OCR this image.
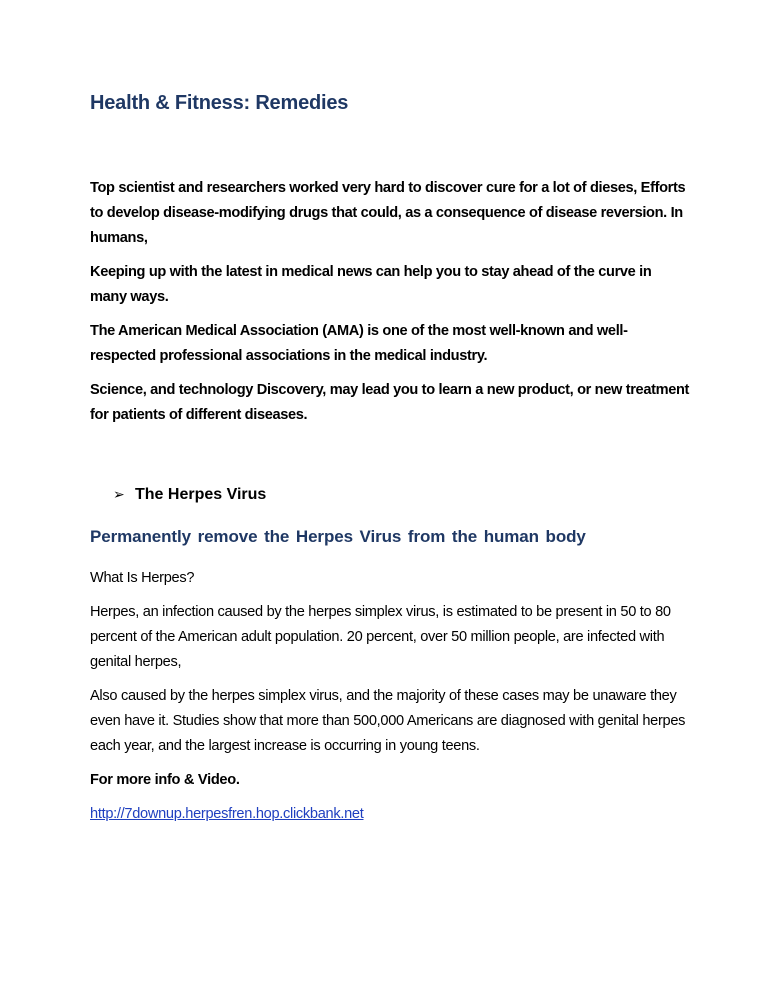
Health & Fitness: Remedies

Top scientist and researchers worked very hard to discover cure for a lot of dieses, Efforts to develop disease-modifying drugs that could, as a consequence of disease reversion. In humans,

Keeping up with the latest in medical news can help you to stay ahead of the curve in many ways.

The American Medical Association (AMA) is one of the most well-known and well-respected professional associations in the medical industry.

Science, and technology Discovery, may lead you to learn a new product, or new treatment for patients of different diseases.

➢ The Herpes Virus
Permanently remove the Herpes Virus from the human body

What Is Herpes?

Herpes, an infection caused by the herpes simplex virus, is estimated to be present in 50 to 80 percent of the American adult population. 20 percent, over 50 million people, are infected with genital herpes,

Also caused by the herpes simplex virus, and the majority of these cases may be unaware they even have it. Studies show that more than 500,000 Americans are diagnosed with genital herpes each year, and the largest increase is occurring in young teens.

For more info & Video.

http://7downup.herpesfren.hop.clickbank.net
